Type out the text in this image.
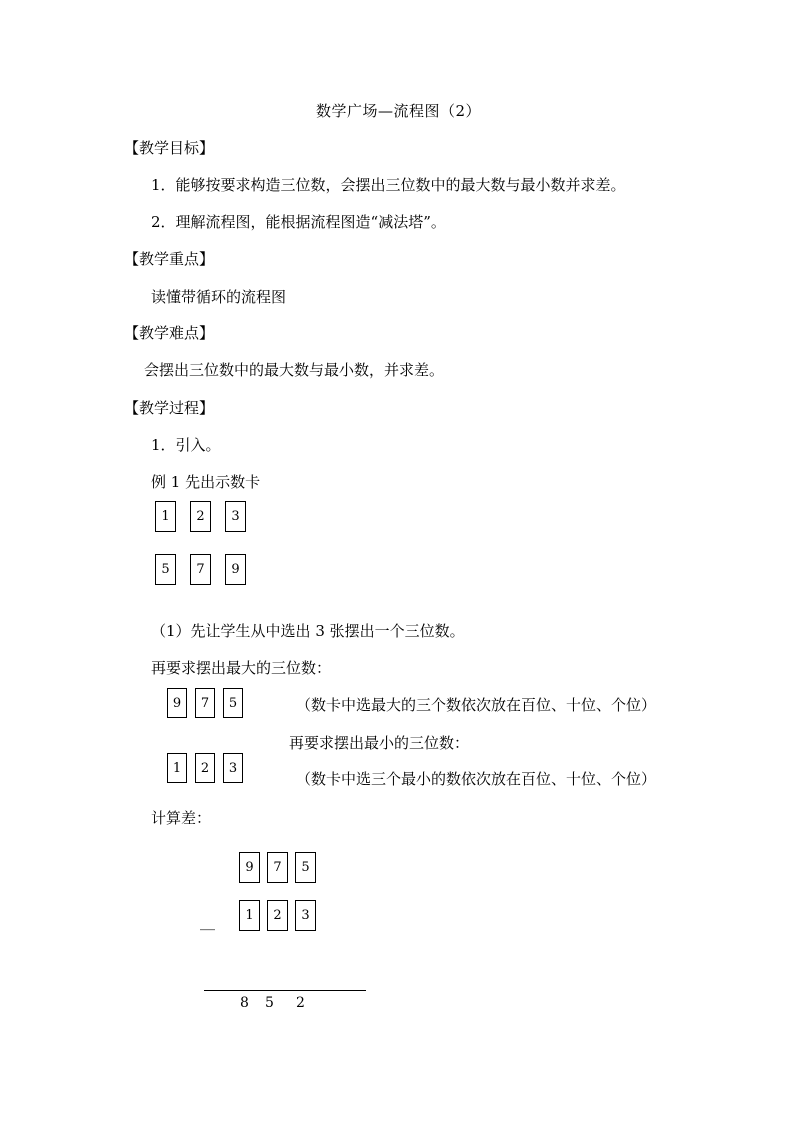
数学广场—流程图（2）
【教学目标】
1．能够按要求构造三位数，会摆出三位数中的最大数与最小数并求差。
2．理解流程图，能根据流程图造“减法塔”。
【教学重点】
读懂带循环的流程图
【教学难点】
会摆出三位数中的最大数与最小数，并求差。
【教学过程】
1．引入。
例 1 先出示数卡
1	2	3
5	7	9
（1）先让学生从中选出 3 张摆出一个三位数。
再要求摆出最大的三位数：
9	7	5	（数卡中选最大的三个数依次放在百位、十位、个位）
再要求摆出最小的三位数：
1	2	3
（数卡中选三个最小的数依次放在百位、十位、个位）
计算差：
9	7	5
＿	1	2	3
8 5 2
